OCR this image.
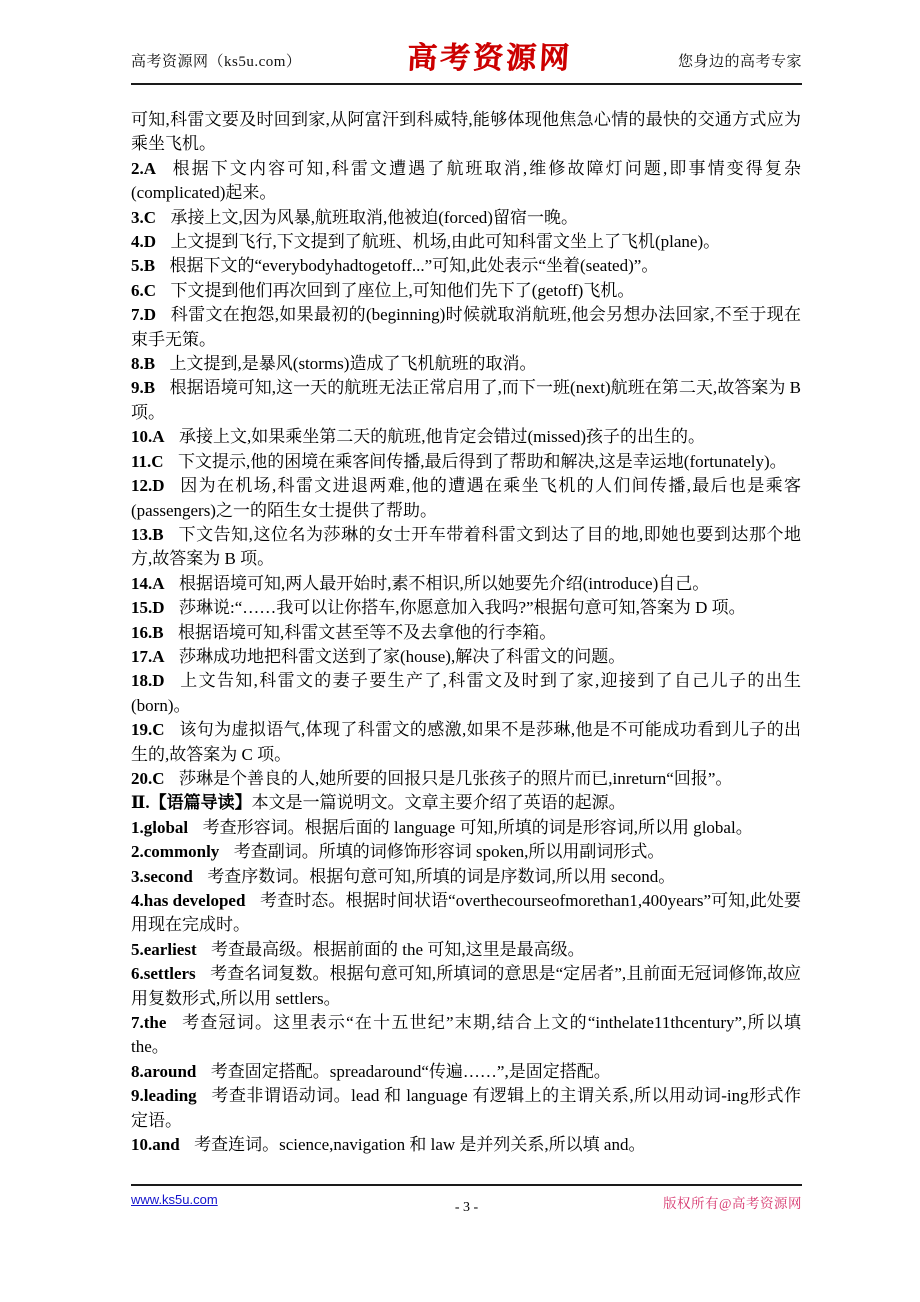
高考资源网（ks5u.com）	高考资源网	您身边的高考专家

可知,科雷文要及时回到家,从阿富汗到科威特,能够体现他焦急心情的最快的交通方式应为乘坐飞机。

2.A 根据下文内容可知,科雷文遭遇了航班取消,维修故障灯问题,即事情变得复杂(complicated)起来。

3.C 承接上文,因为风暴,航班取消,他被迫(forced)留宿一晚。

4.D 上文提到飞行,下文提到了航班、机场,由此可知科雷文坐上了飞机(plane)。

5.B 根据下文的“everybodyhadtogetoff...”可知,此处表示“坐着(seated)”。

6.C 下文提到他们再次回到了座位上,可知他们先下了(getoff)飞机。

7.D 科雷文在抱怨,如果最初的(beginning)时候就取消航班,他会另想办法回家,不至于现在束手无策。

8.B 上文提到,是暴风(storms)造成了飞机航班的取消。

9.B 根据语境可知,这一天的航班无法正常启用了,而下一班(next)航班在第二天,故答案为 B 项。

10.A 承接上文,如果乘坐第二天的航班,他肯定会错过(missed)孩子的出生的。

11.C 下文提示,他的困境在乘客间传播,最后得到了帮助和解决,这是幸运地(fortunately)。

12.D 因为在机场,科雷文进退两难,他的遭遇在乘坐飞机的人们间传播,最后也是乘客(passengers)之一的陌生女士提供了帮助。

13.B 下文告知,这位名为莎琳的女士开车带着科雷文到达了目的地,即她也要到达那个地方,故答案为 B 项。

14.A 根据语境可知,两人最开始时,素不相识,所以她要先介绍(introduce)自己。

15.D 莎琳说:“……我可以让你搭车,你愿意加入我吗?”根据句意可知,答案为 D 项。

16.B 根据语境可知,科雷文甚至等不及去拿他的行李箱。

17.A 莎琳成功地把科雷文送到了家(house),解决了科雷文的问题。

18.D 上文告知,科雷文的妻子要生产了,科雷文及时到了家,迎接到了自己儿子的出生(born)。

19.C 该句为虚拟语气,体现了科雷文的感激,如果不是莎琳,他是不可能成功看到儿子的出生的,故答案为 C 项。

20.C 莎琳是个善良的人,她所要的回报只是几张孩子的照片而已,inreturn“回报”。

Ⅱ.【语篇导读】本文是一篇说明文。文章主要介绍了英语的起源。

1.global 考查形容词。根据后面的 language 可知,所填的词是形容词,所以用 global。

2.commonly 考查副词。所填的词修饰形容词 spoken,所以用副词形式。

3.second 考查序数词。根据句意可知,所填的词是序数词,所以用 second。

4.has developed 考查时态。根据时间状语“overthecourseofmorethan1,400years”可知,此处要用现在完成时。

5.earliest 考查最高级。根据前面的 the 可知,这里是最高级。

6.settlers 考查名词复数。根据句意可知,所填词的意思是“定居者”,且前面无冠词修饰,故应用复数形式,所以用 settlers。

7.the 考查冠词。这里表示“在十五世纪”末期,结合上文的“inthelate11thcentury”,所以填 the。

8.around 考查固定搭配。spreadaround“传遍……”,是固定搭配。

9.leading 考查非谓语动词。lead 和 language 有逻辑上的主谓关系,所以用动词-ing形式作定语。

10.and 考查连词。science,navigation 和 law 是并列关系,所以填 and。

www.ks5u.com
- 3 -	版权所有@高考资源网
